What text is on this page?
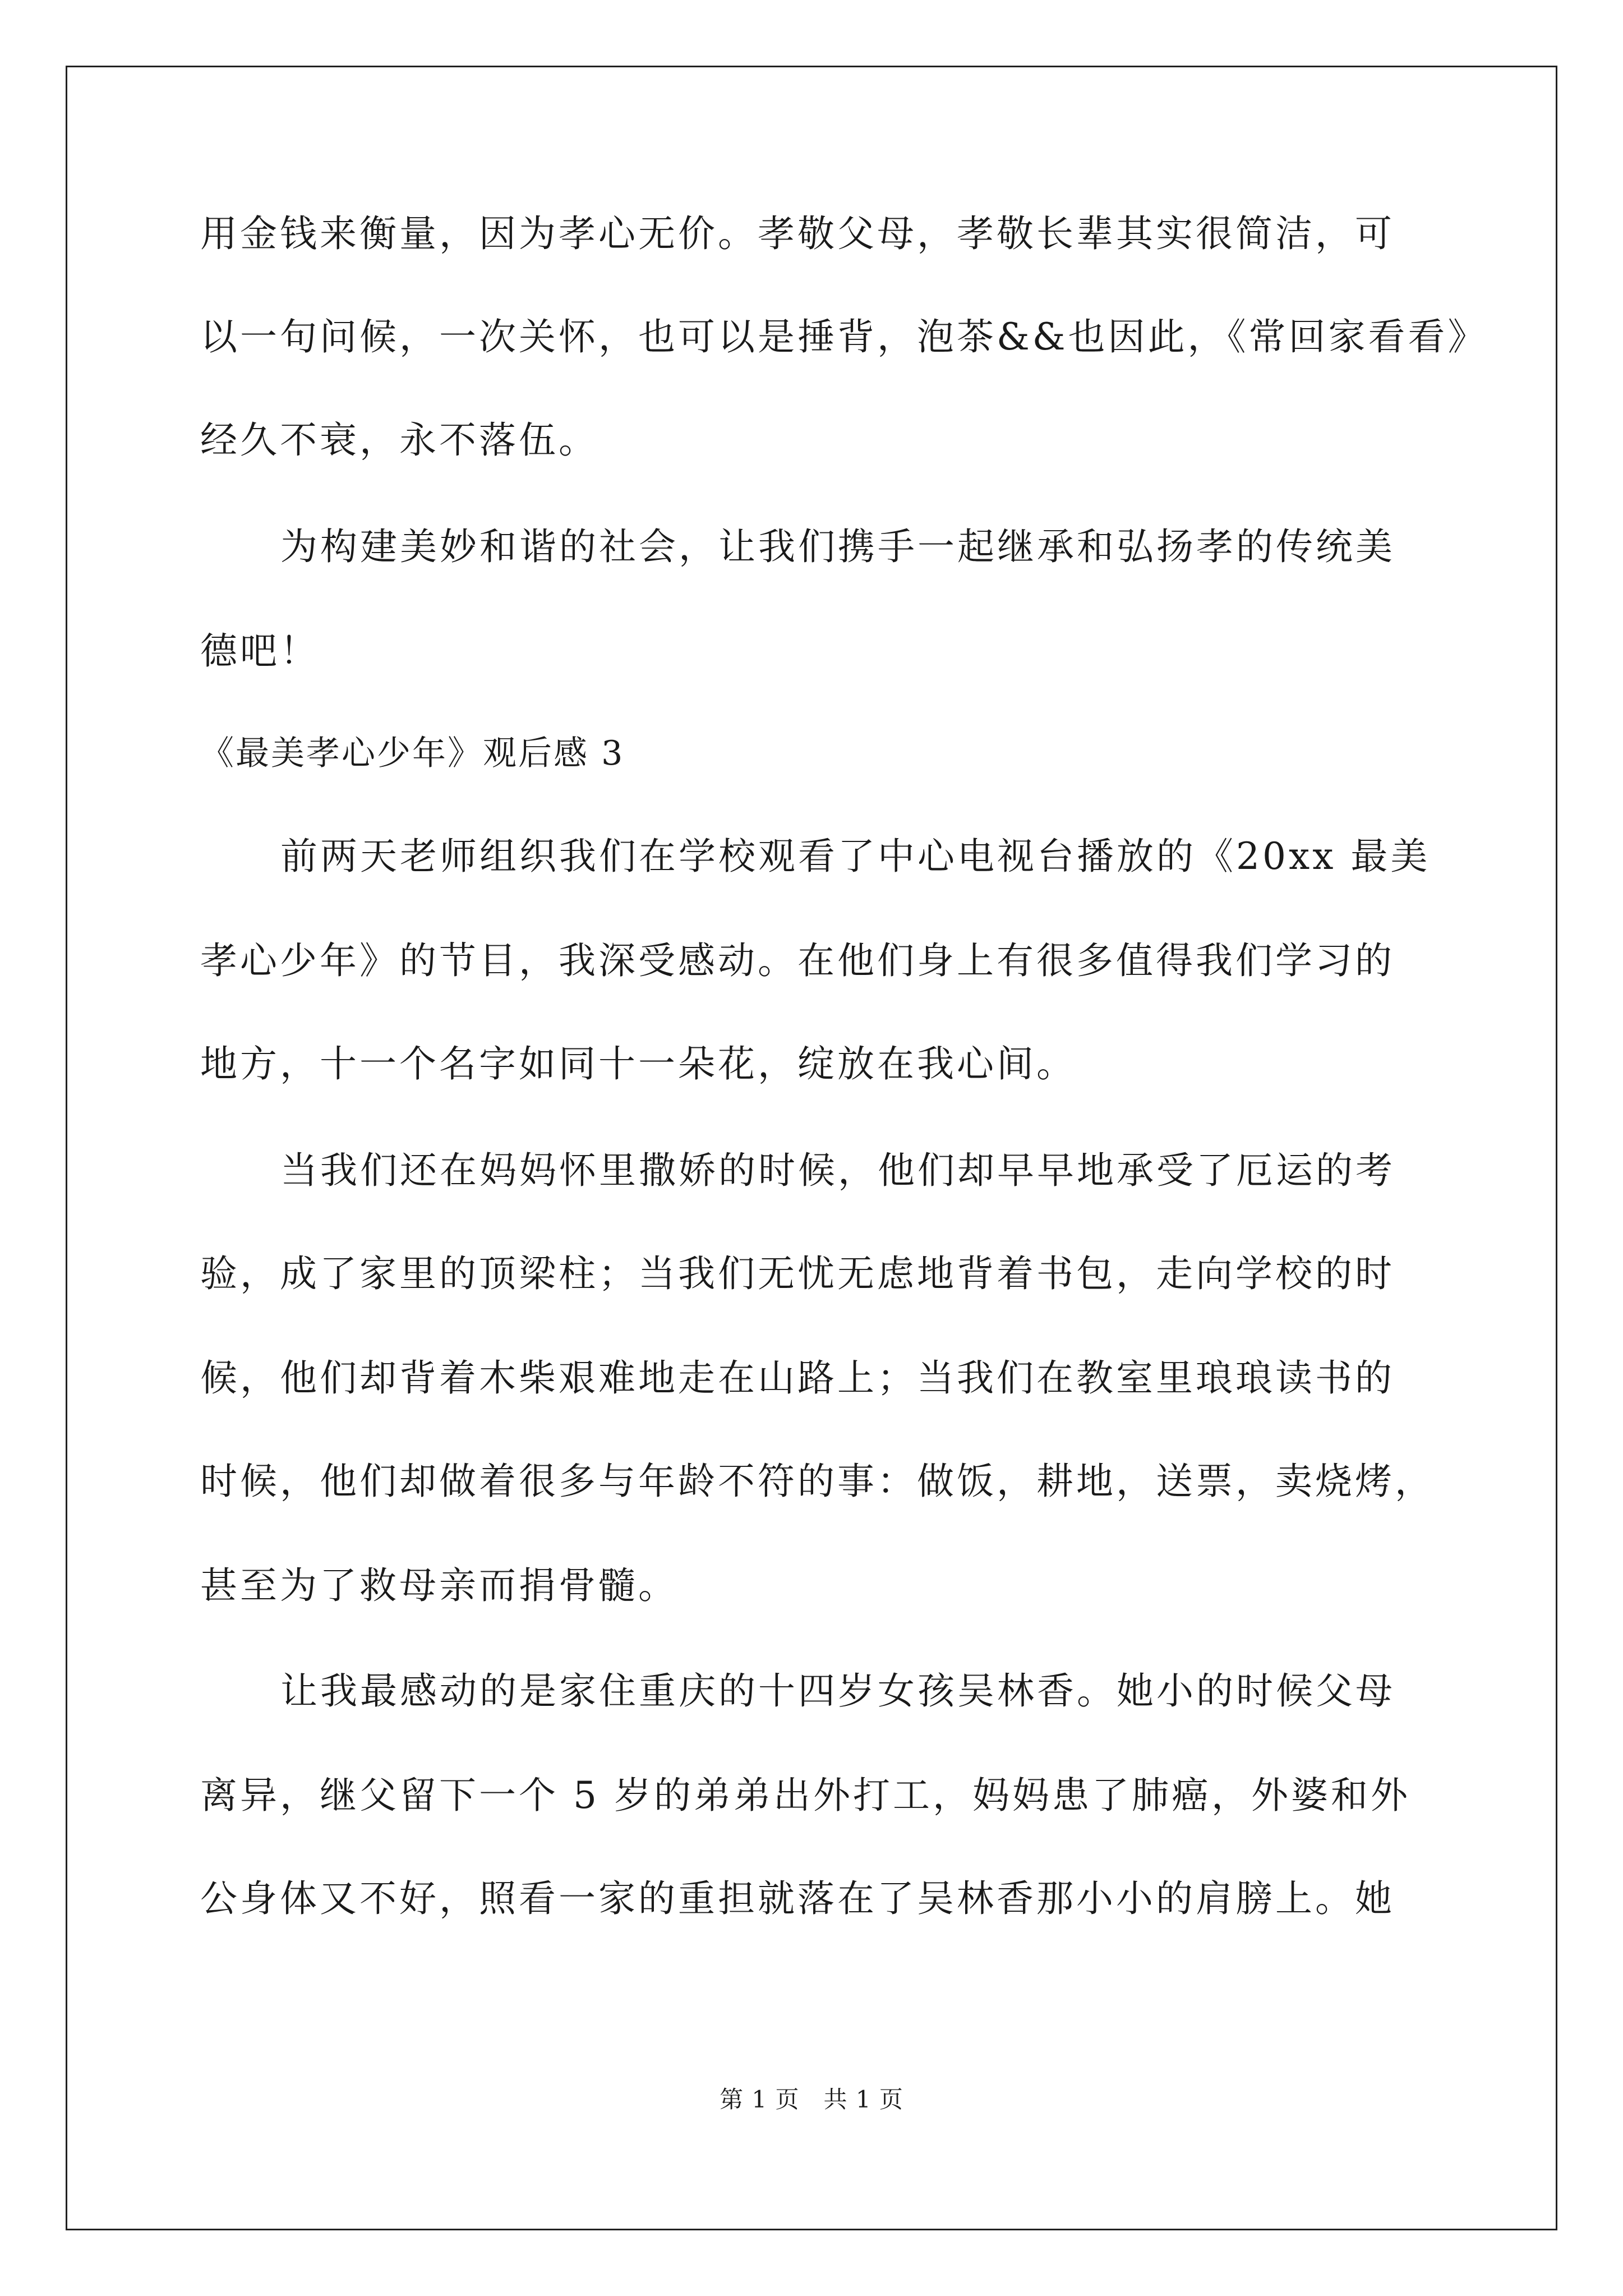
用金钱来衡量，因为孝心无价。孝敬父母，孝敬长辈其实很简洁，可
以一句问候，一次关怀，也可以是捶背，泡茶&&也因此，《常回家看看》
经久不衰，永不落伍。
为构建美妙和谐的社会，让我们携手一起继承和弘扬孝的传统美
德吧！
《最美孝心少年》观后感 3
前两天老师组织我们在学校观看了中心电视台播放的《20xx 最美
孝心少年》的节目，我深受感动。在他们身上有很多值得我们学习的
地方，十一个名字如同十一朵花，绽放在我心间。
当我们还在妈妈怀里撒娇的时候，他们却早早地承受了厄运的考
验，成了家里的顶梁柱；当我们无忧无虑地背着书包，走向学校的时
候，他们却背着木柴艰难地走在山路上；当我们在教室里琅琅读书的
时候，他们却做着很多与年龄不符的事：做饭，耕地，送票，卖烧烤，
甚至为了救母亲而捐骨髓。
让我最感动的是家住重庆的十四岁女孩吴林香。她小的时候父母
离异，继父留下一个 5 岁的弟弟出外打工，妈妈患了肺癌，外婆和外
公身体又不好，照看一家的重担就落在了吴林香那小小的肩膀上。她
第 1 页　共 1 页
